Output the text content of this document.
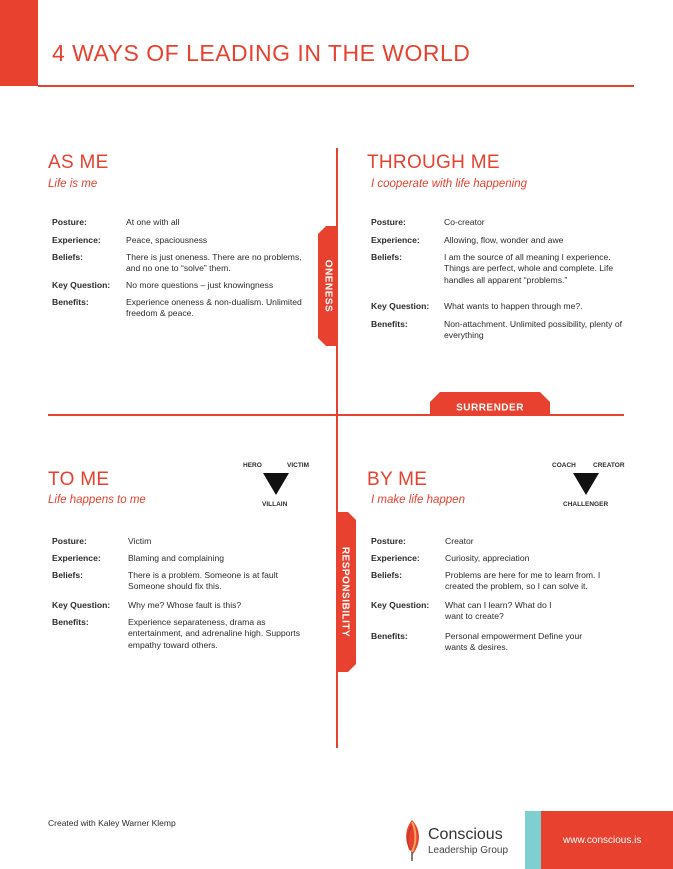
4 WAYS OF LEADING IN THE WORLD
ONENESS
SURRENDER
RESPONSIBILITY
AS ME
Life is me
Posture:	At one with all
Experience:	Peace, spaciousness
Beliefs:	There is just oneness. There are no problems, and no one to “solve” them.
Key Question:	No more questions – just knowingness
Benefits:	Experience oneness & non-dualism. Unlimited freedom & peace.
THROUGH ME
I cooperate with life happening
Posture:	Co-creator
Experience:	Allowing, flow, wonder and awe
Beliefs:	I am the source of all meaning I experience. Things are perfect, whole and complete. Life handles all apparent “problems.”
Key Question:	What wants to happen through me?.
Benefits:	Non-attachment. Unlimited possibility, plenty of everything
TO ME
Life happens to me
HERO	VICTIM
VILLAIN
Posture:	Victim
Experience:	Blaming and complaining
Beliefs:	There is a problem. Someone is at fault Someone should fix this.
Key Question:	Why me? Whose fault is this?
Benefits:	Experience separateness, drama as entertainment, and adrenaline high. Supports empathy toward others.
BY ME
I make life happen
COACH	CREATOR
CHALLENGER
Posture:	Creator
Experience:	Curiosity, appreciation
Beliefs:	Problems are here for me to learn from. I created the problem, so I can solve it.
Key Question:	What can I learn? What do I want to create?
Benefits:	Personal empowerment Define your wants & desires.
Created with Kaley Warner Klemp
Conscious
Leadership Group
www.conscious.is
